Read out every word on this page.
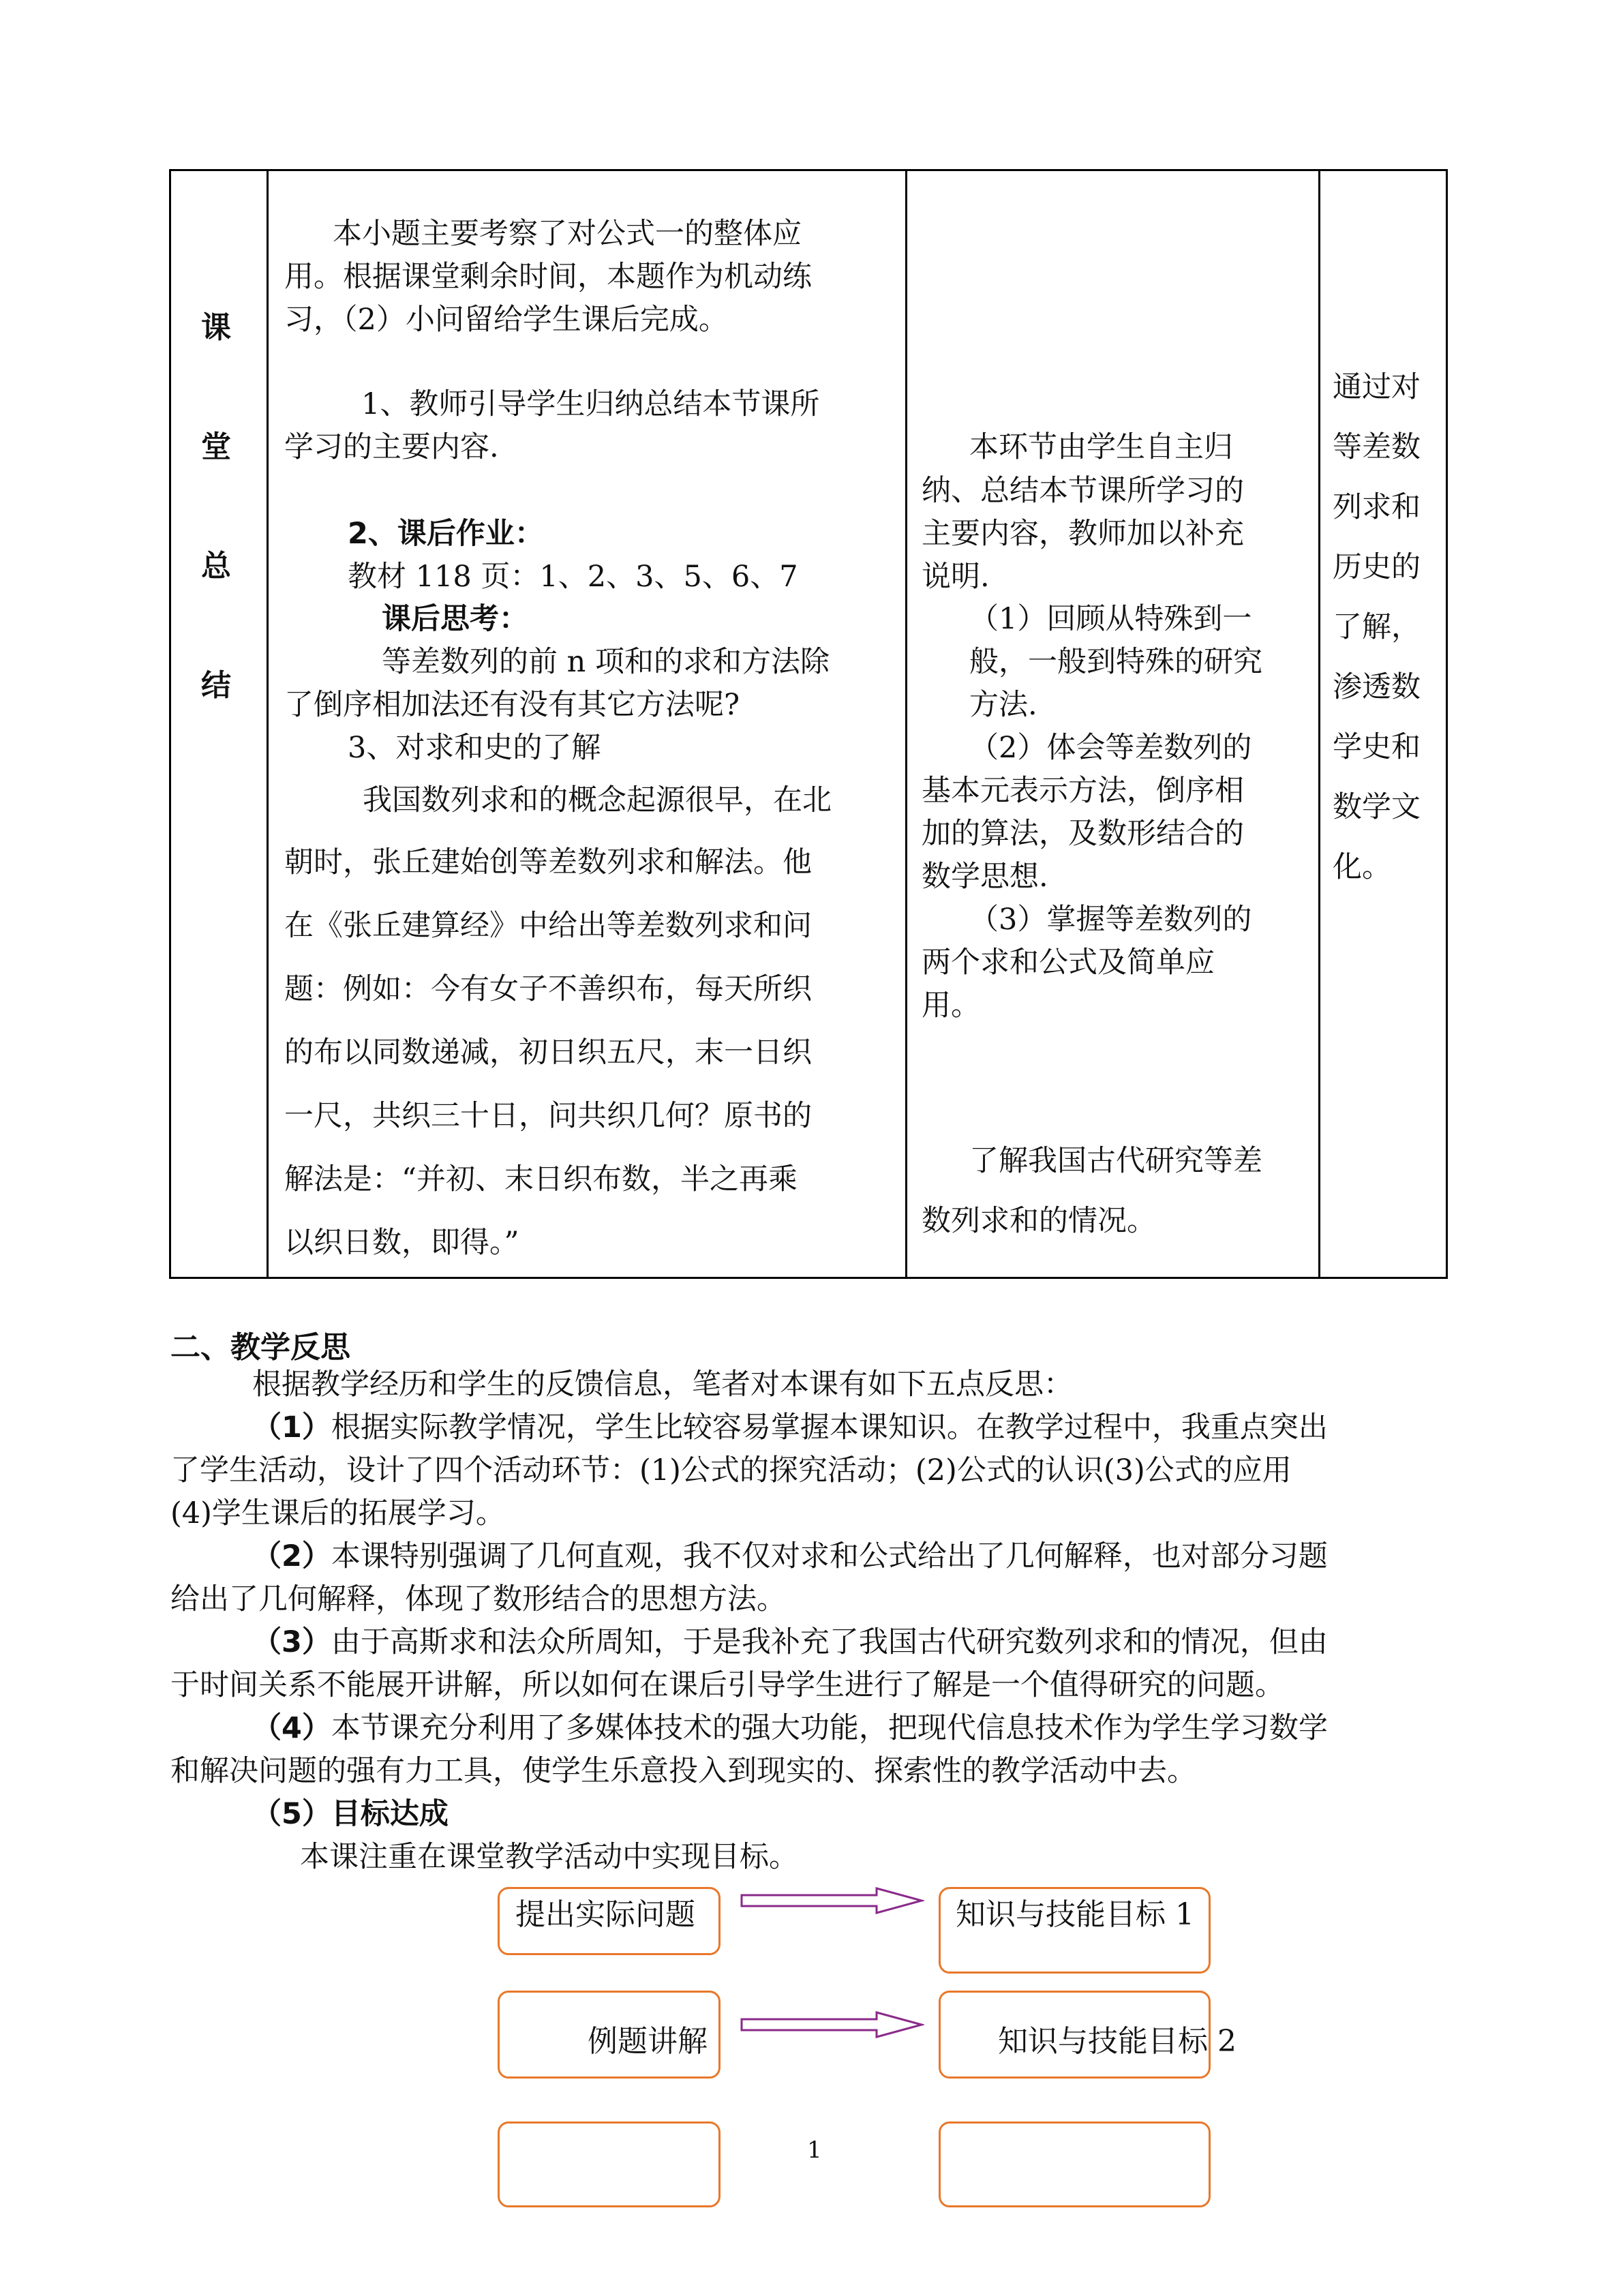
课
堂
总
结
本小题主要考察了对公式一的整体应
用。根据课堂剩余时间，本题作为机动练
习，（2）小问留给学生课后完成。
1、教师引导学生归纳总结本节课所
学习的主要内容.
2、课后作业：
教材 118 页：1、2、3、5、6、7
课后思考：
等差数列的前 n 项和的求和方法除
了倒序相加法还有没有其它方法呢?
3、对求和史的了解
我国数列求和的概念起源很早，在北
朝时，张丘建始创等差数列求和解法。他
在《张丘建算经》中给出等差数列求和问
题：例如：今有女子不善织布，每天所织
的布以同数递减，初日织五尺，末一日织
一尺，共织三十日，问共织几何？原书的
解法是：“并初、末日织布数，半之再乘
以织日数，即得。”
本环节由学生自主归
纳、总结本节课所学习的
主要内容，教师加以补充
说明.
（1）回顾从特殊到一
般，一般到特殊的研究
方法.
（2）体会等差数列的
基本元表示方法，倒序相
加的算法，及数形结合的
数学思想.
（3）掌握等差数列的
两个求和公式及简单应
用。
了解我国古代研究等差
数列求和的情况。
通过对
等差数
列求和
历史的
了解，
渗透数
学史和
数学文
化。
二、教学反思
根据教学经历和学生的反馈信息，笔者对本课有如下五点反思：
（1）根据实际教学情况，学生比较容易掌握本课知识。在教学过程中，我重点突出
了学生活动，设计了四个活动环节：(1)公式的探究活动；(2)公式的认识(3)公式的应用
(4)学生课后的拓展学习。
（2）本课特别强调了几何直观，我不仅对求和公式给出了几何解释，也对部分习题
给出了几何解释，体现了数形结合的思想方法。
（3）由于高斯求和法众所周知，于是我补充了我国古代研究数列求和的情况，但由
于时间关系不能展开讲解，所以如何在课后引导学生进行了解是一个值得研究的问题。
（4）本节课充分利用了多媒体技术的强大功能，把现代信息技术作为学生学习数学
和解决问题的强有力工具，使学生乐意投入到现实的、探索性的教学活动中去。
（5）目标达成
本课注重在课堂教学活动中实现目标。
提出实际问题	知识与技能目标 1
例题讲解	知识与技能目标 2
1
